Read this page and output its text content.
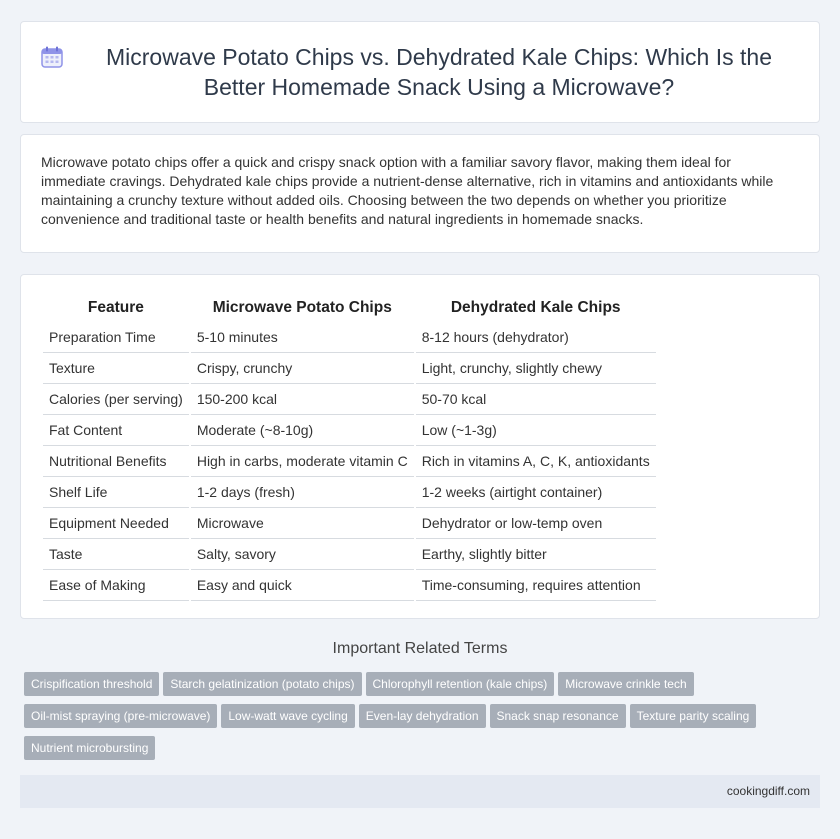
Microwave Potato Chips vs. Dehydrated Kale Chips: Which Is the Better Homemade Snack Using a Microwave?

Microwave potato chips offer a quick and crispy snack option with a familiar savory flavor, making them ideal for immediate cravings. Dehydrated kale chips provide a nutrient-dense alternative, rich in vitamins and antioxidants while maintaining a crunchy texture without added oils. Choosing between the two depends on whether you prioritize convenience and traditional taste or health benefits and natural ingredients in homemade snacks.

Feature	Microwave Potato Chips	Dehydrated Kale Chips
Preparation Time	5-10 minutes	8-12 hours (dehydrator)
Texture	Crispy, crunchy	Light, crunchy, slightly chewy
Calories (per serving)	150-200 kcal	50-70 kcal
Fat Content	Moderate (~8-10g)	Low (~1-3g)
Nutritional Benefits	High in carbs, moderate vitamin C	Rich in vitamins A, C, K, antioxidants
Shelf Life	1-2 days (fresh)	1-2 weeks (airtight container)
Equipment Needed	Microwave	Dehydrator or low-temp oven
Taste	Salty, savory	Earthy, slightly bitter
Ease of Making	Easy and quick	Time-consuming, requires attention
Important Related Terms
Crispification threshold Starch gelatinization (potato chips) Chlorophyll retention (kale chips) Microwave crinkle tech
Oil-mist spraying (pre-microwave) Low-watt wave cycling Even-lay dehydration Snack snap resonance Texture parity scaling
Nutrient microbursting
cookingdiff.com
